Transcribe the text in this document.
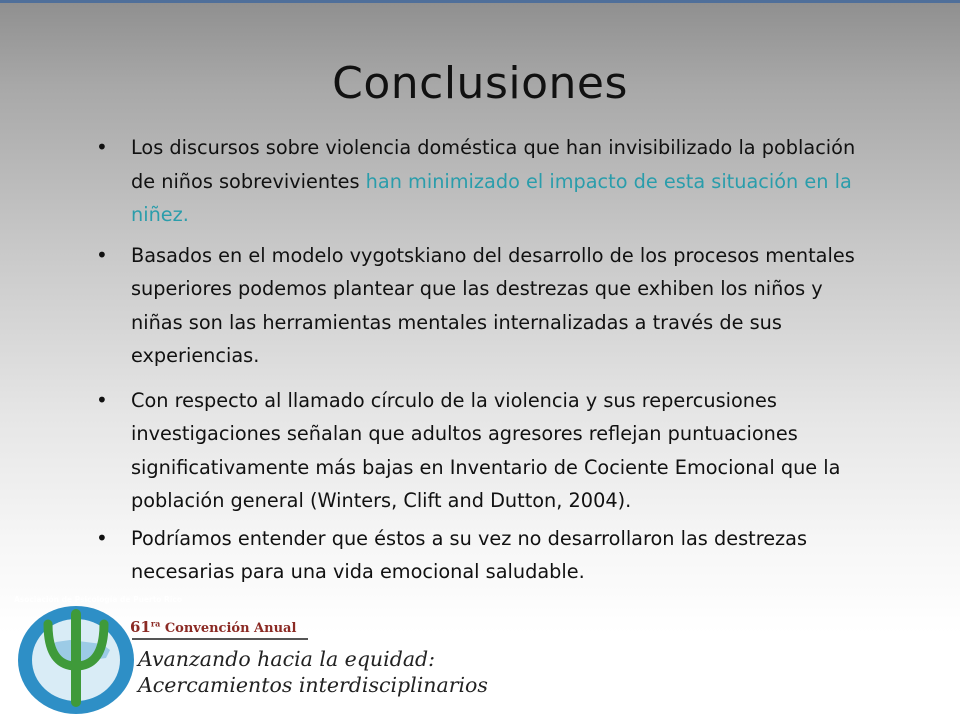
Conclusiones
• Los discursos sobre violencia doméstica que han invisibilizado la población de niños sobrevivientes han minimizado el impacto de esta situación en la niñez.
• Basados en el modelo vygotskiano del desarrollo de los procesos mentales superiores podemos plantear que las destrezas que exhiben los niños y niñas son las herramientas mentales internalizadas a través de sus experiencias.
• Con respecto al llamado círculo de la violencia y sus repercusiones investigaciones señalan que adultos agresores reflejan puntuaciones significativamente más bajas en Inventario de Cociente Emocional que la población general (Winters, Clift and Dutton, 2004).
• Podríamos entender que éstos a su vez no desarrollaron las destrezas necesarias para una vida emocional saludable.
Asociación de Psicología de Puerto Rico
$61^{ra}$ Convención Anual
Avanzando hacia la equidad:
Acercamientos interdisciplinarios
